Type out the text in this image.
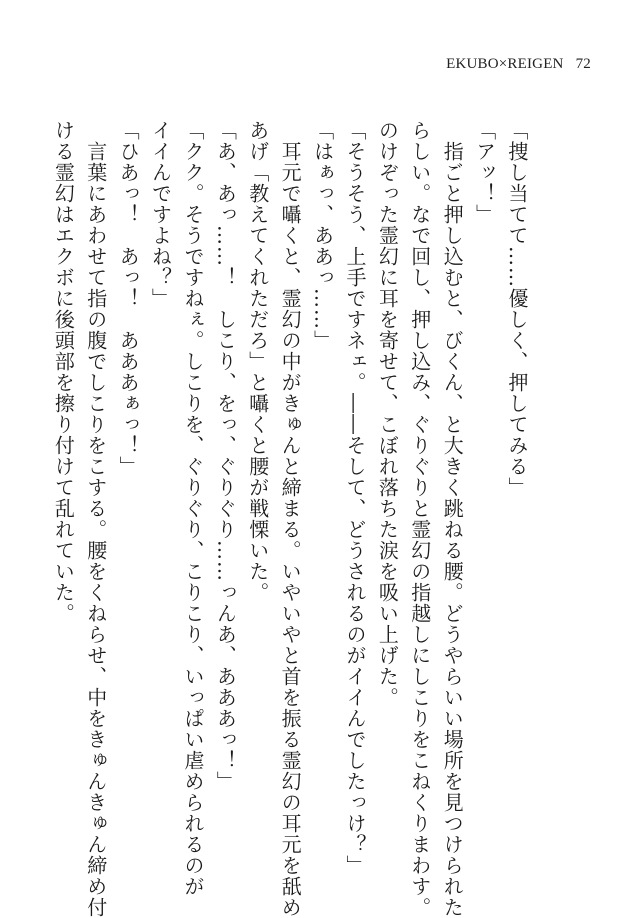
EKUBO×REIGEN 72
「捜し当てて……優しく、押してみる」
「アッ！」
　指ごと押し込むと、びくん、と大きく跳ねる腰。どうやらいい場所を見つけられた
らしい。なで回し、押し込み、ぐりぐりと霊幻の指越しにしこりをこねくりまわす。
のけぞった霊幻に耳を寄せて、こぼれ落ちた涙を吸い上げた。
「そうそう、上手ですネェ。――そして、どうされるのがイイんでしたっけ？」
「はぁっ、ああっ……」
　耳元で囁くと、霊幻の中がきゅんと締まる。いやいやと首を振る霊幻の耳元を舐め
あげ「教えてくれただろ」と囁くと腰が戦慄いた。
「あ、あっ……！　しこり、をっ、ぐりぐり……っんあ、あああっ！」
「クク。そうですねぇ。しこりを、ぐりぐり、こりこり、いっぱい虐められるのが
イイんですよね？」
「ひあっ！　あっ！　あああぁっ！」
　言葉にあわせて指の腹でしこりをこする。腰をくねらせ、中をきゅんきゅん締め付
ける霊幻はエクボに後頭部を擦り付けて乱れていた。
